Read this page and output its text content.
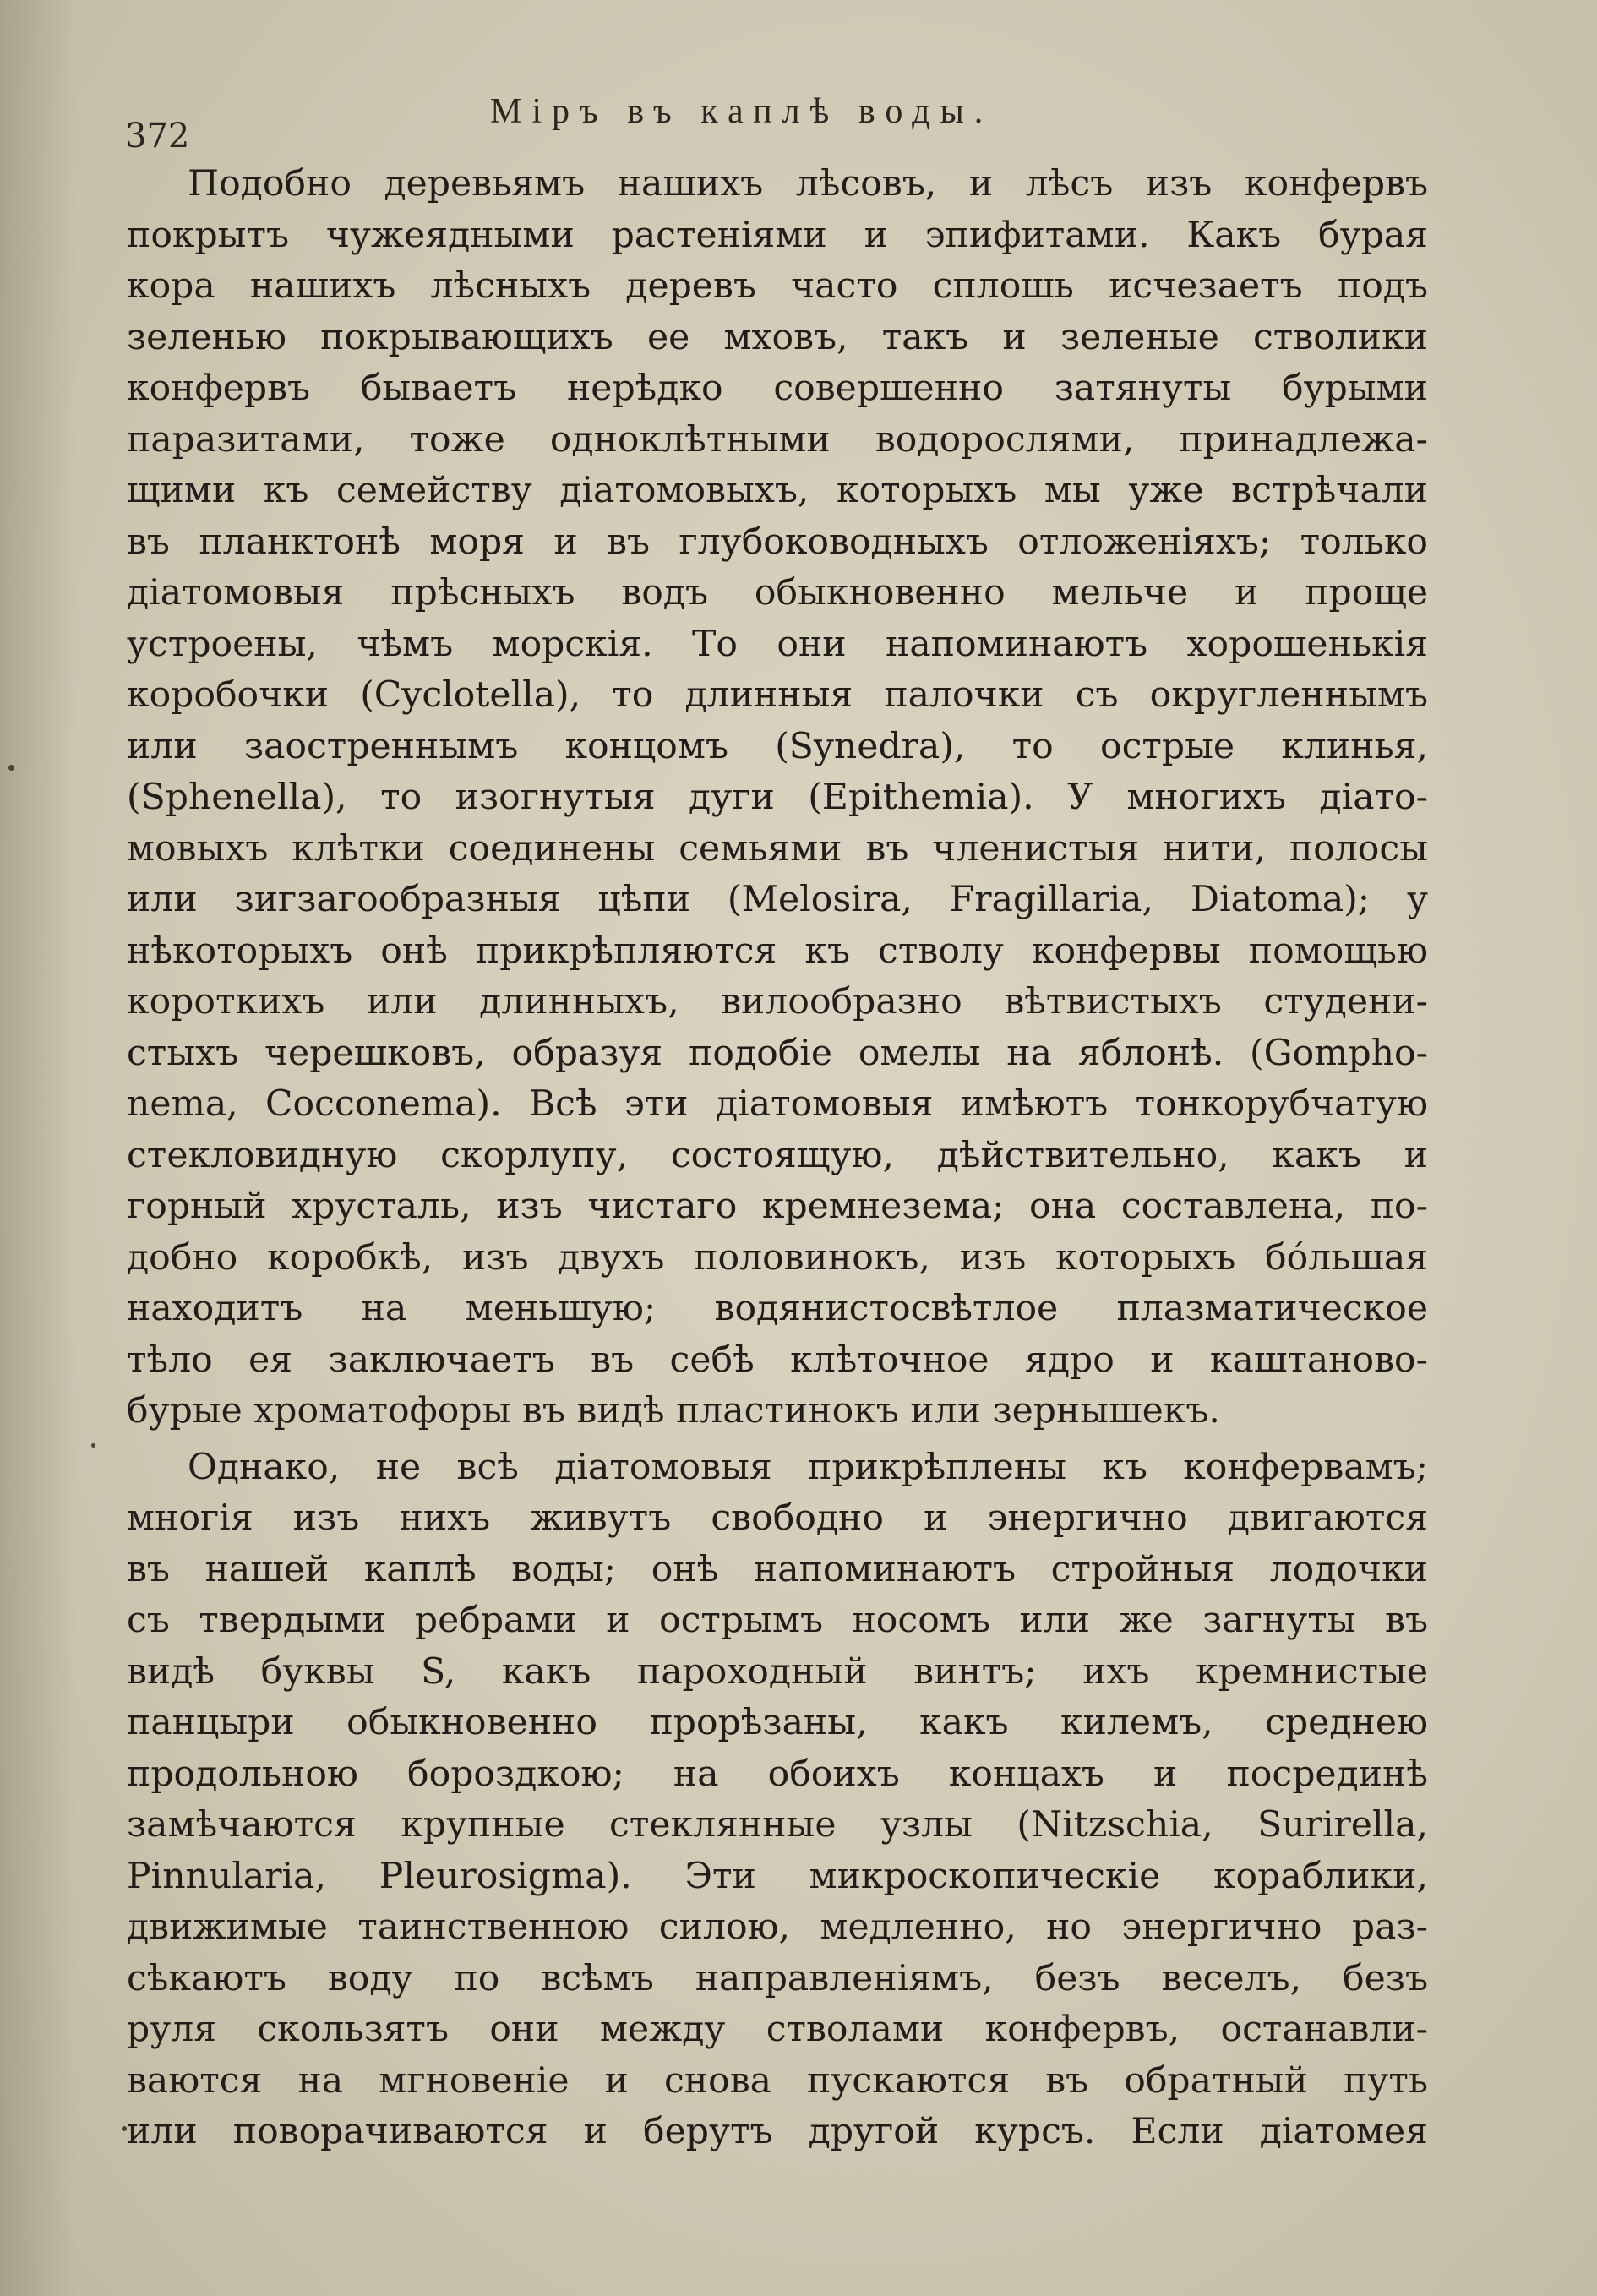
372
Міръ въ каплѣ воды.
Подобно деревьямъ нашихъ лѣсовъ, и лѣсъ изъ конфервъ
покрытъ чужеядными растеніями и эпифитами. Какъ бурая
кора нашихъ лѣсныхъ деревъ часто сплошь исчезаетъ подъ
зеленью покрывающихъ ее мховъ, такъ и зеленые стволики
конфервъ бываетъ нерѣдко совершенно затянуты бурыми
паразитами, тоже одноклѣтными водорослями, принадлежа-
щими къ семейству діатомовыхъ, которыхъ мы уже встрѣчали
въ планктонѣ моря и въ глубоководныхъ отложеніяхъ; только
діатомовыя прѣсныхъ водъ обыкновенно мельче и проще
устроены, чѣмъ морскія. То они напоминаютъ хорошенькія
коробочки (Cyclotella), то длинныя палочки съ округленнымъ
или заостреннымъ концомъ (Synedra), то острые клинья,
(Sphenella), то изогнутыя дуги (Epithemia). У многихъ діато-
мовыхъ клѣтки соединены семьями въ членистыя нити, полосы
или зигзагообразныя цѣпи (Melosira, Fragillaria, Diatoma); у
нѣкоторыхъ онѣ прикрѣпляются къ стволу конфервы помощью
короткихъ или длинныхъ, вилообразно вѣтвистыхъ студени-
стыхъ черешковъ, образуя подобіе омелы на яблонѣ. (Gompho-
nema, Cocconema). Всѣ эти діатомовыя имѣютъ тонкорубчатую
стекловидную скорлупу, состоящую, дѣйствительно, какъ и
горный хрусталь, изъ чистаго кремнезема; она составлена, по-
добно коробкѣ, изъ двухъ половинокъ, изъ которыхъ бо́льшая
находитъ на меньшую; водянистосвѣтлое плазматическое
тѣло ея заключаетъ въ себѣ клѣточное ядро и каштаново-
бурые хроматофоры въ видѣ пластинокъ или зернышекъ.
Однако, не всѣ діатомовыя прикрѣплены къ конфервамъ;
многія изъ нихъ живутъ свободно и энергично двигаются
въ нашей каплѣ воды; онѣ напоминаютъ стройныя лодочки
съ твердыми ребрами и острымъ носомъ или же загнуты въ
видѣ буквы S, какъ пароходный винтъ; ихъ кремнистые
панцыри обыкновенно прорѣзаны, какъ килемъ, среднею
продольною бороздкою; на обоихъ концахъ и посрединѣ
замѣчаются крупные стеклянные узлы (Nitzschia, Surirella,
Pinnularia, Pleurosigma). Эти микроскопическіе кораблики,
движимые таинственною силою, медленно, но энергично раз-
сѣкаютъ воду по всѣмъ направленіямъ, безъ веселъ, безъ
руля скользятъ они между стволами конфервъ, останавли-
ваются на мгновеніе и снова пускаются въ обратный путь
или поворачиваются и берутъ другой курсъ. Если діатомея
